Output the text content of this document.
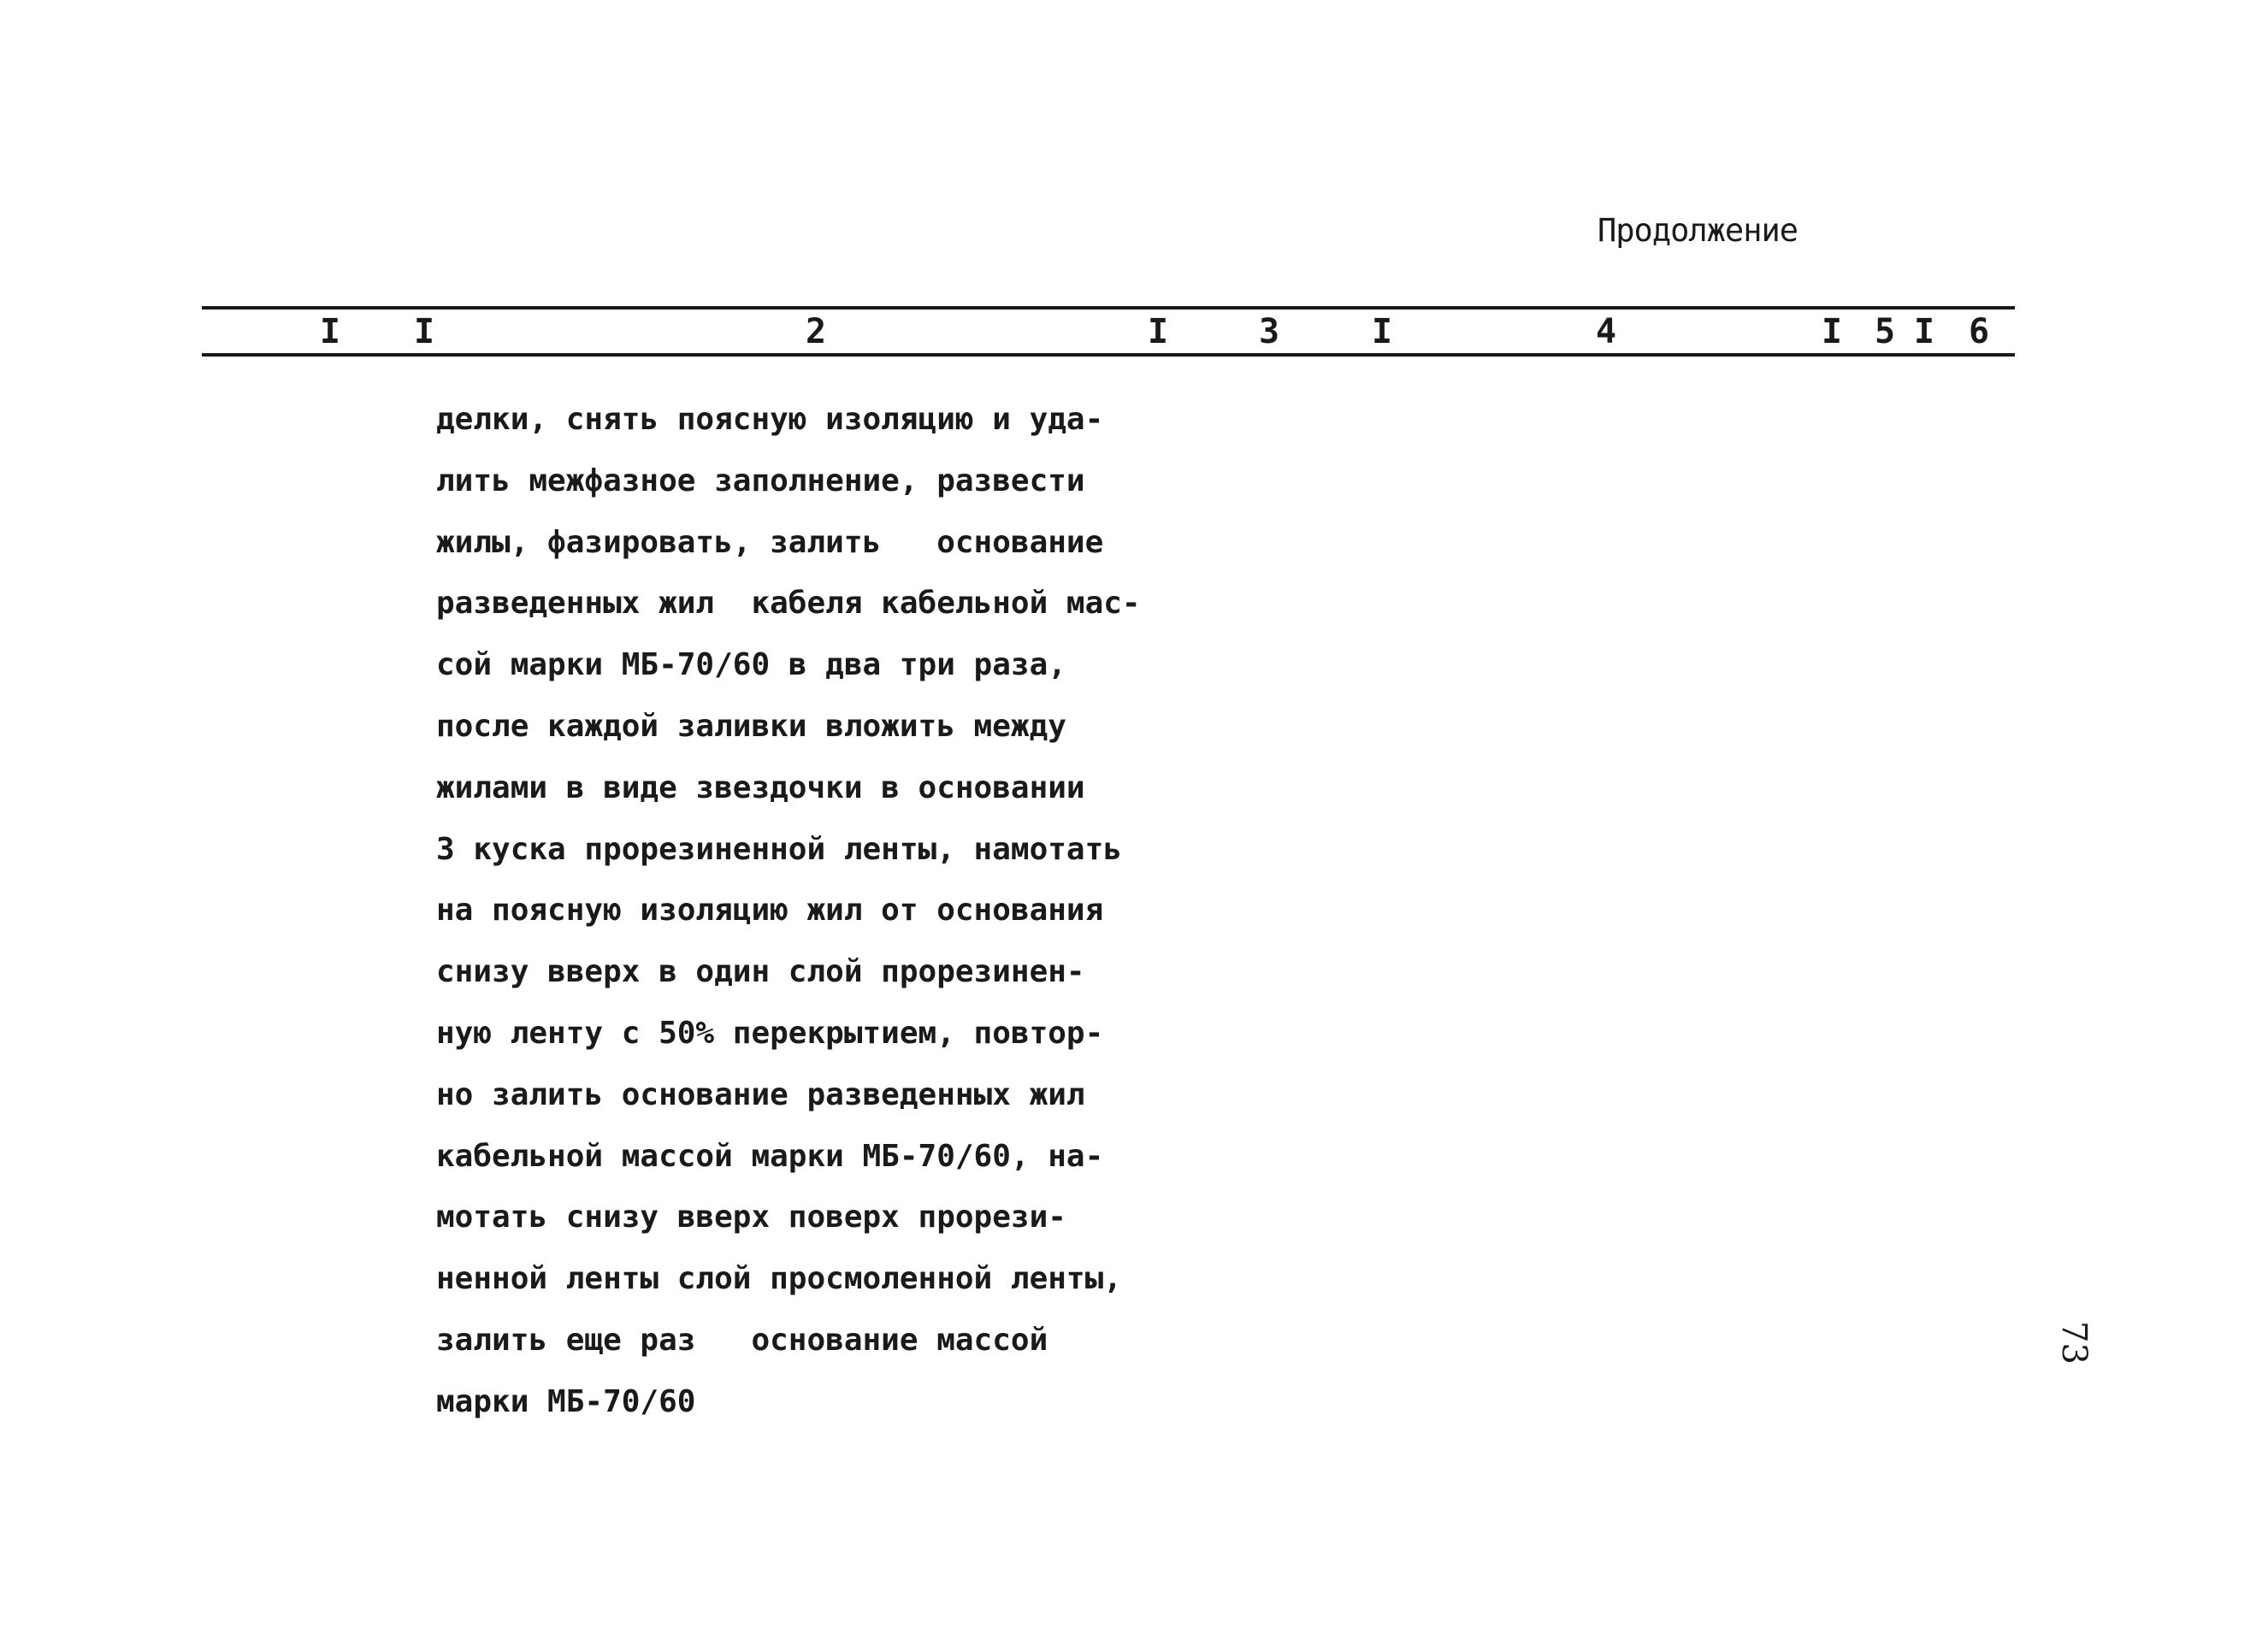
Продолжение
I I	2	I	3	I	4	I 5 I 6
делки, снять поясную изоляцию и уда-
лить межфазное заполнение, развести
жилы, фазировать, залить   основание
разведенных жил  кабеля кабельной мас-
сой марки МБ-70/60 в два три раза,
после каждой заливки вложить между
жилами в виде звездочки в основании
3 куска прорезиненной ленты, намотать
на поясную изоляцию жил от основания
снизу вверх в один слой прорезинен-
ную ленту с 50% перекрытием, повтор-
но залить основание разведенных жил
кабельной массой марки МБ-70/60, на-
мотать снизу вверх поверх прорези-
ненной ленты слой просмоленной ленты,
залить еще раз   основание массой
марки МБ-70/60
73
